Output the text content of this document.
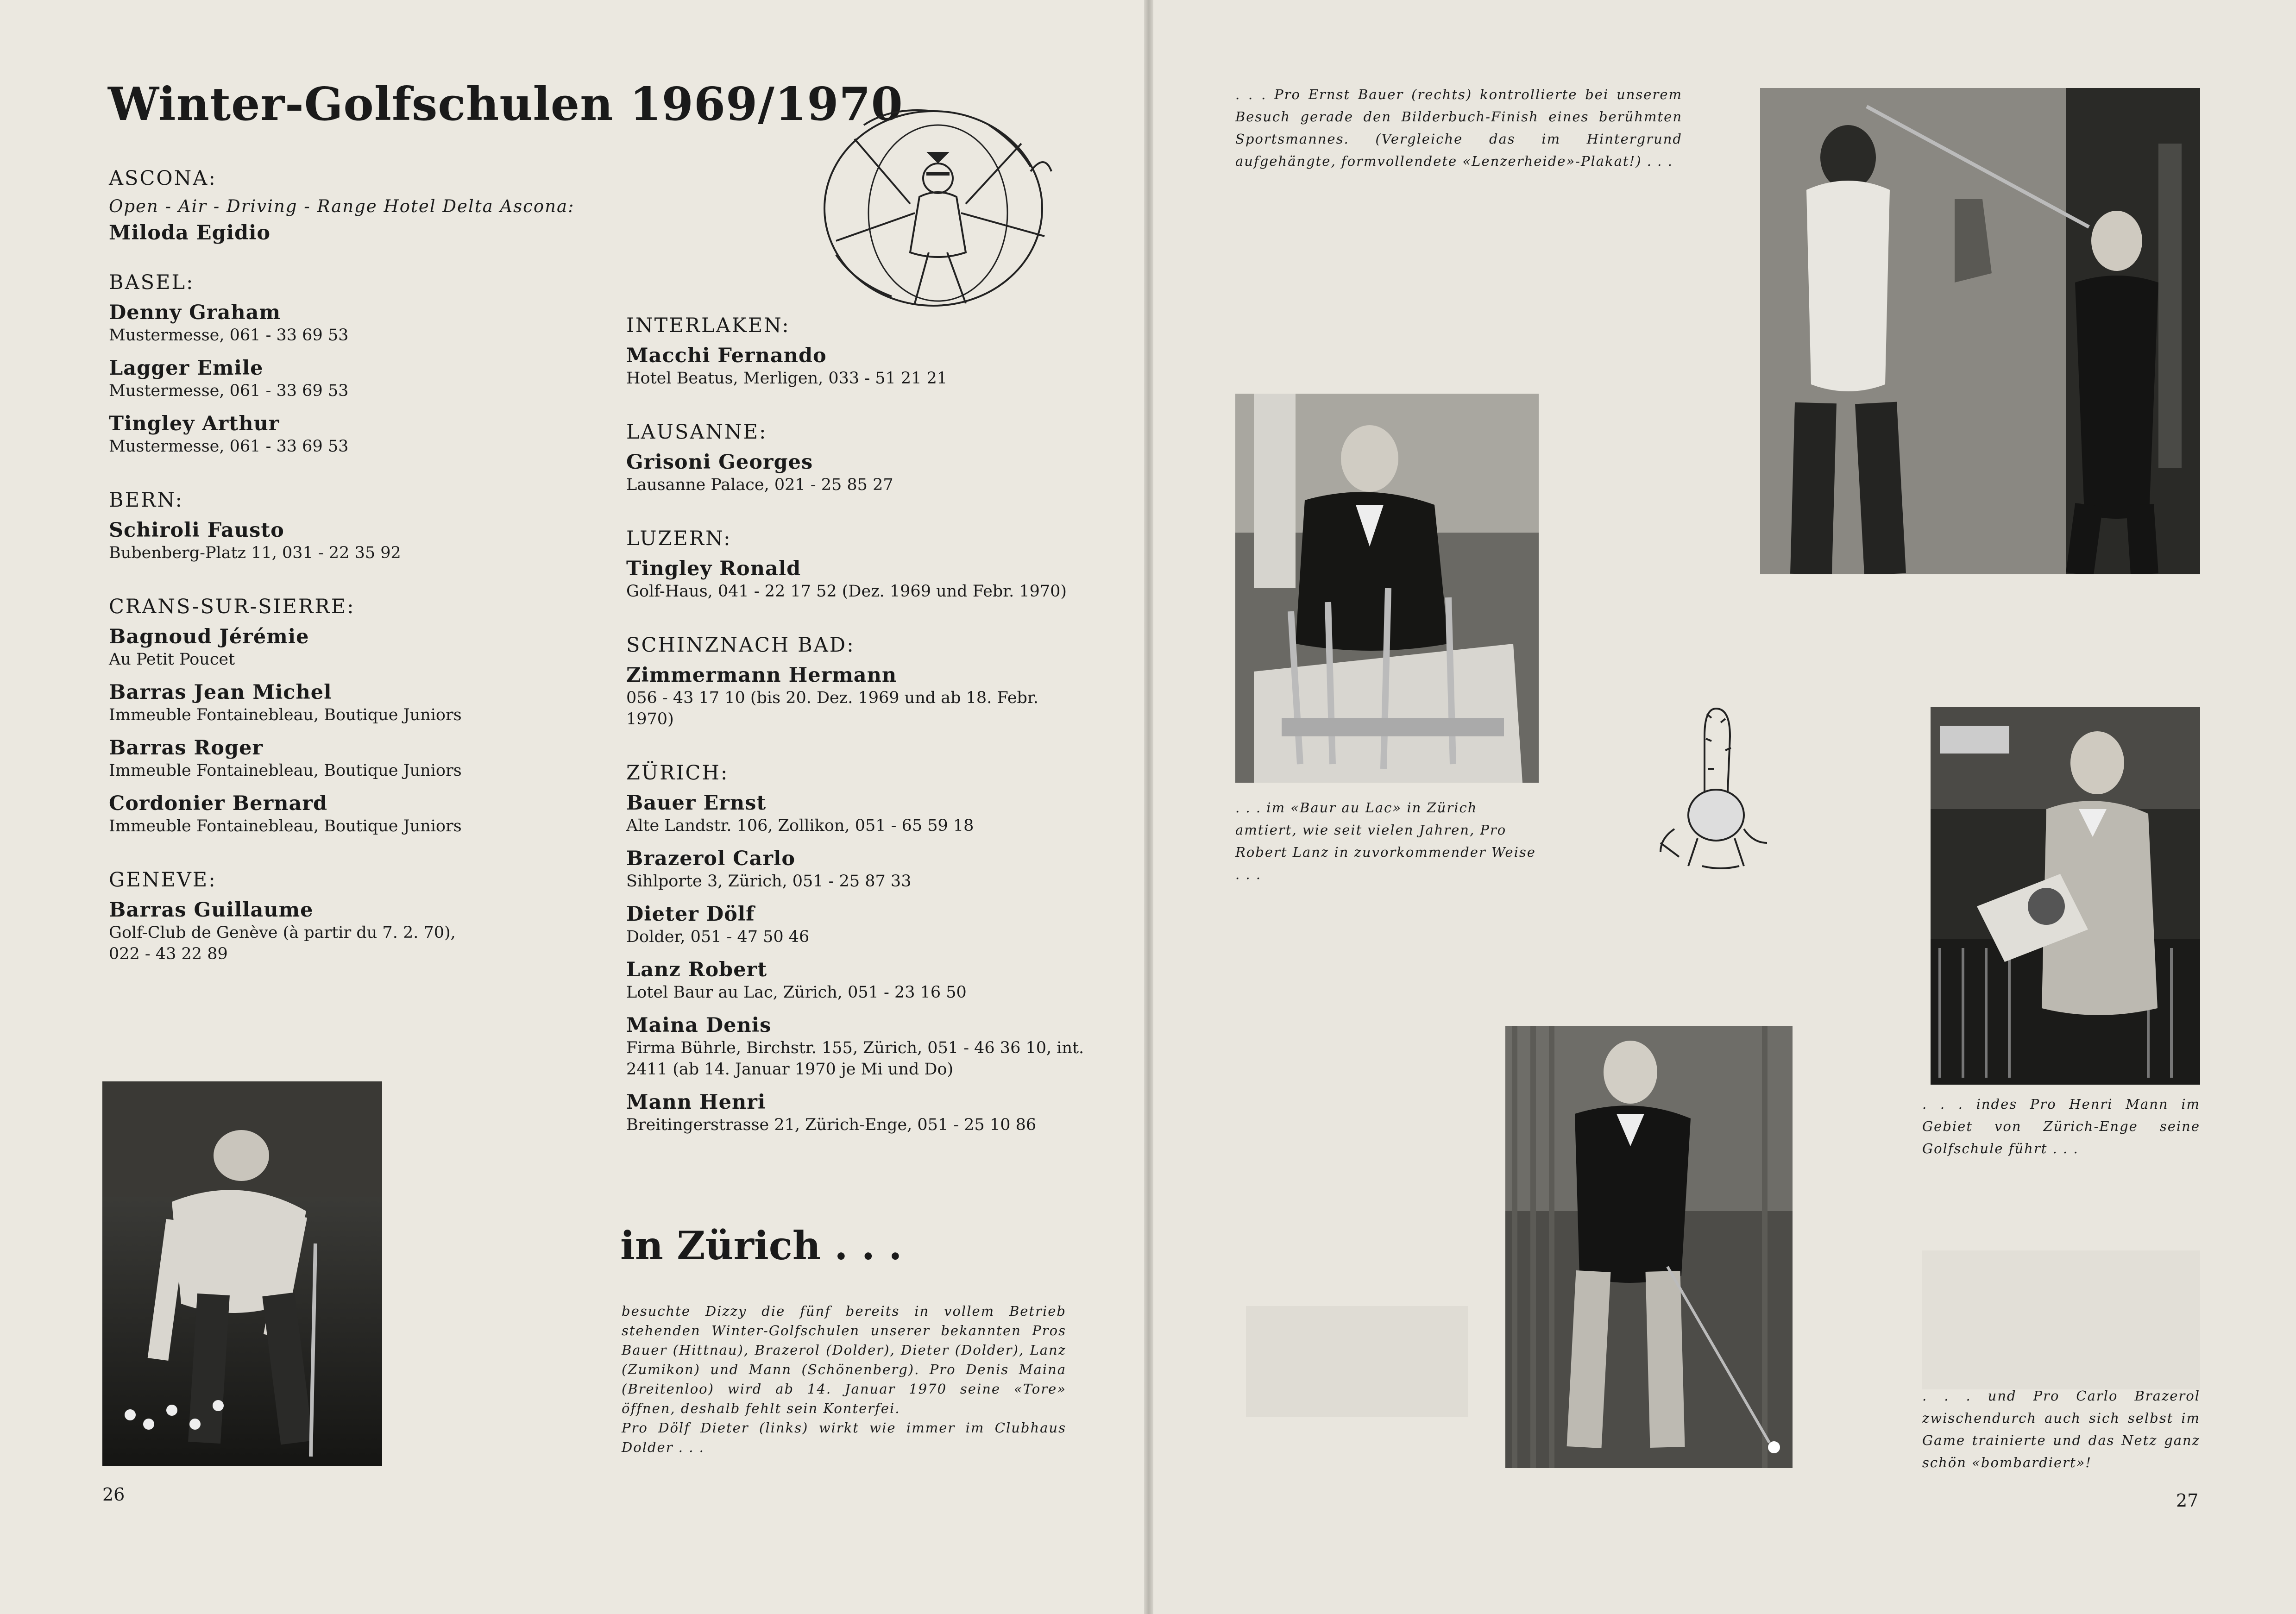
Winter-Golfschulen 1969/1970
ASCONA:
Open - Air - Driving - Range Hotel Delta Ascona:
Miloda Egidio
BASEL:
Denny Graham
Mustermesse, 061 - 33 69 53
Lagger Emile
Mustermesse, 061 - 33 69 53
Tingley Arthur
Mustermesse, 061 - 33 69 53
BERN:
Schiroli Fausto
Bubenberg-Platz 11, 031 - 22 35 92
CRANS-SUR-SIERRE:
Bagnoud Jérémie
Au Petit Poucet
Barras Jean Michel
Immeuble Fontainebleau, Boutique Juniors
Barras Roger
Immeuble Fontainebleau, Boutique Juniors
Cordonier Bernard
Immeuble Fontainebleau, Boutique Juniors
GENEVE:
Barras Guillaume
Golf-Club de Genève (à partir du 7. 2. 70),
022 - 43 22 89
INTERLAKEN:
Macchi Fernando
Hotel Beatus, Merligen, 033 - 51 21 21
LAUSANNE:
Grisoni Georges
Lausanne Palace, 021 - 25 85 27
LUZERN:
Tingley Ronald
Golf-Haus, 041 - 22 17 52 (Dez. 1969 und Febr. 1970)
SCHINZNACH BAD:
Zimmermann Hermann
056 - 43 17 10 (bis 20. Dez. 1969 und ab 18. Febr. 1970)
ZÜRICH:
Bauer Ernst
Alte Landstr. 106, Zollikon, 051 - 65 59 18
Brazerol Carlo
Sihlporte 3, Zürich, 051 - 25 87 33
Dieter Dölf
Dolder, 051 - 47 50 46
Lanz Robert
Lotel Baur au Lac, Zürich, 051 - 23 16 50
Maina Denis
Firma Bührle, Birchstr. 155, Zürich, 051 - 46 36 10, int. 2411 (ab 14. Januar 1970 je Mi und Do)
Mann Henri
Breitingerstrasse 21, Zürich-Enge, 051 - 25 10 86
in Zürich . . .
besuchte Dizzy die fünf bereits in vollem Betrieb stehenden Winter-Golfschulen unserer bekannten Pros Bauer (Hittnau), Brazerol (Dolder), Dieter (Dolder), Lanz (Zumikon) und Mann (Schönenberg). Pro Denis Maina (Breitenloo) wird ab 14. Januar 1970 seine «Tore» öffnen, deshalb fehlt sein Konterfei.
Pro Dölf Dieter (links) wirkt wie immer im Clubhaus Dolder . . .
26
. . . Pro Ernst Bauer (rechts) kontrollierte bei unserem Besuch gerade den Bilderbuch-Finish eines berühmten Sportsmannes. (Vergleiche das im Hintergrund aufgehängte, formvollendete «Lenzerheide»-Plakat!) . . .
. . . im «Baur au Lac» in Zürich amtiert, wie seit vielen Jahren, Pro Robert Lanz in zuvorkommender Weise . . .
. . . indes Pro Henri Mann im Gebiet von Zürich-Enge seine Golfschule führt . . .
. . . und Pro Carlo Brazerol zwischendurch auch sich selbst im Game trainierte und das Netz ganz schön «bombardiert»!
27
